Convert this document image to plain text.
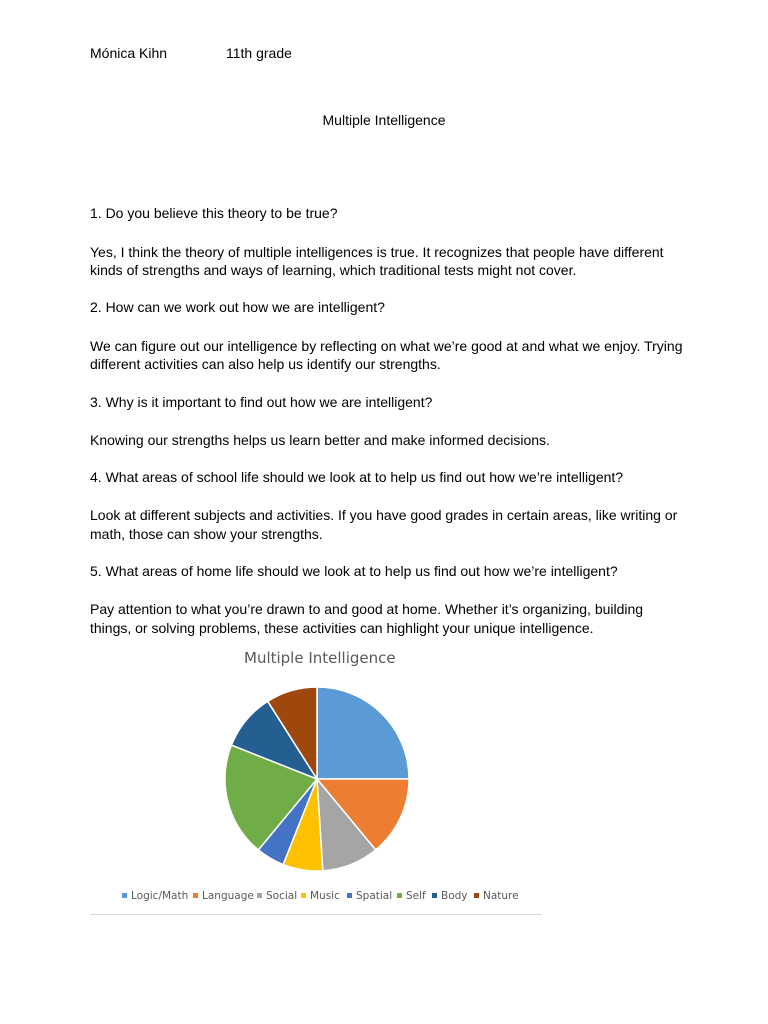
Mónica Kihn	11th grade
Multiple Intelligence
1. Do you believe this theory to be true?
Yes, I think the theory of multiple intelligences is true. It recognizes that people have different
kinds of strengths and ways of learning, which traditional tests might not cover.
2. How can we work out how we are intelligent?
We can figure out our intelligence by reflecting on what we’re good at and what we enjoy. Trying
different activities can also help us identify our strengths.
3. Why is it important to find out how we are intelligent?
Knowing our strengths helps us learn better and make informed decisions.
4. What areas of school life should we look at to help us find out how we’re intelligent?
Look at different subjects and activities. If you have good grades in certain areas, like writing or
math, those can show your strengths.
5. What areas of home life should we look at to help us find out how we’re intelligent?
Pay attention to what you’re drawn to and good at home. Whether it’s organizing, building
things, or solving problems, these activities can highlight your unique intelligence.
Multiple Intelligence
Logic/Math	Language	Social	Music	Spatial	Self	Body	Nature
